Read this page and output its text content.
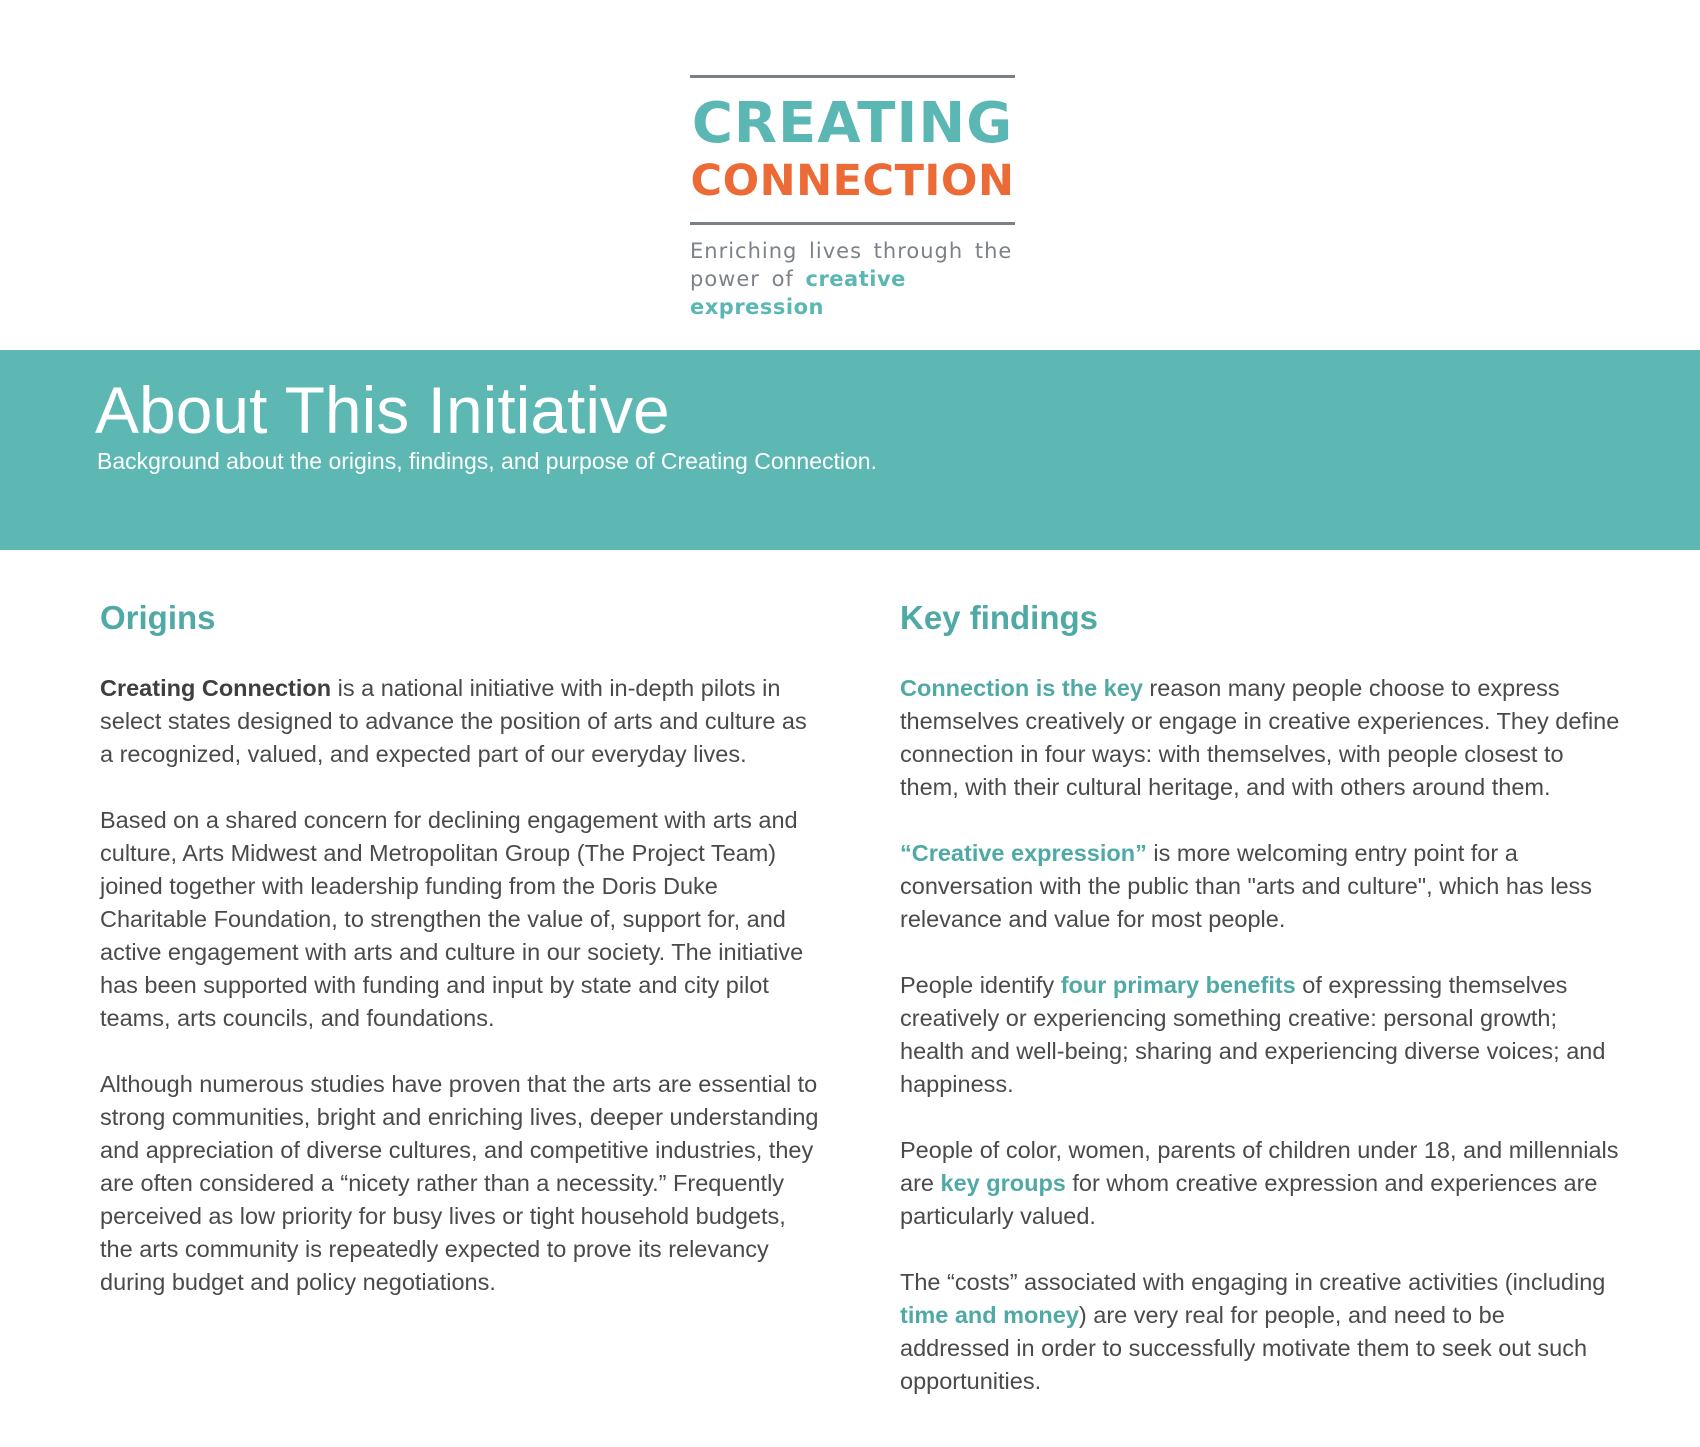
CREATING
CONNECTION
Enriching lives through the
power of creative expression
About This Initiative
Background about the origins, findings, and purpose of Creating Connection.
Origins

Creating Connection is a national initiative with in-depth pilots in select states designed to advance the position of arts and culture as a recognized, valued, and expected part of our everyday lives.

Based on a shared concern for declining engagement with arts and culture, Arts Midwest and Metropolitan Group (The Project Team) joined together with leadership funding from the Doris Duke Charitable Foundation, to strengthen the value of, support for, and active engagement with arts and culture in our society. The initiative has been supported with funding and input by state and city pilot teams, arts councils, and foundations.

Although numerous studies have proven that the arts are essential to strong communities, bright and enriching lives, deeper understanding and appreciation of diverse cultures, and competitive industries, they are often considered a “nicety rather than a necessity.” Frequently perceived as low priority for busy lives or tight household budgets, the arts community is repeatedly expected to prove its relevancy during budget and policy negotiations.

Key findings

Connection is the key reason many people choose to express themselves creatively or engage in creative experiences. They define connection in four ways: with themselves, with people closest to them, with their cultural heritage, and with others around them.

“Creative expression” is more welcoming entry point for a conversation with the public than "arts and culture", which has less relevance and value for most people.

People identify four primary benefits of expressing themselves creatively or experiencing something creative: personal growth; health and well-being; sharing and experiencing diverse voices; and happiness.

People of color, women, parents of children under 18, and millennials are key groups for whom creative expression and experiences are particularly valued.

The “costs” associated with engaging in creative activities (including time and money) are very real for people, and need to be addressed in order to successfully motivate them to seek out such opportunities.
